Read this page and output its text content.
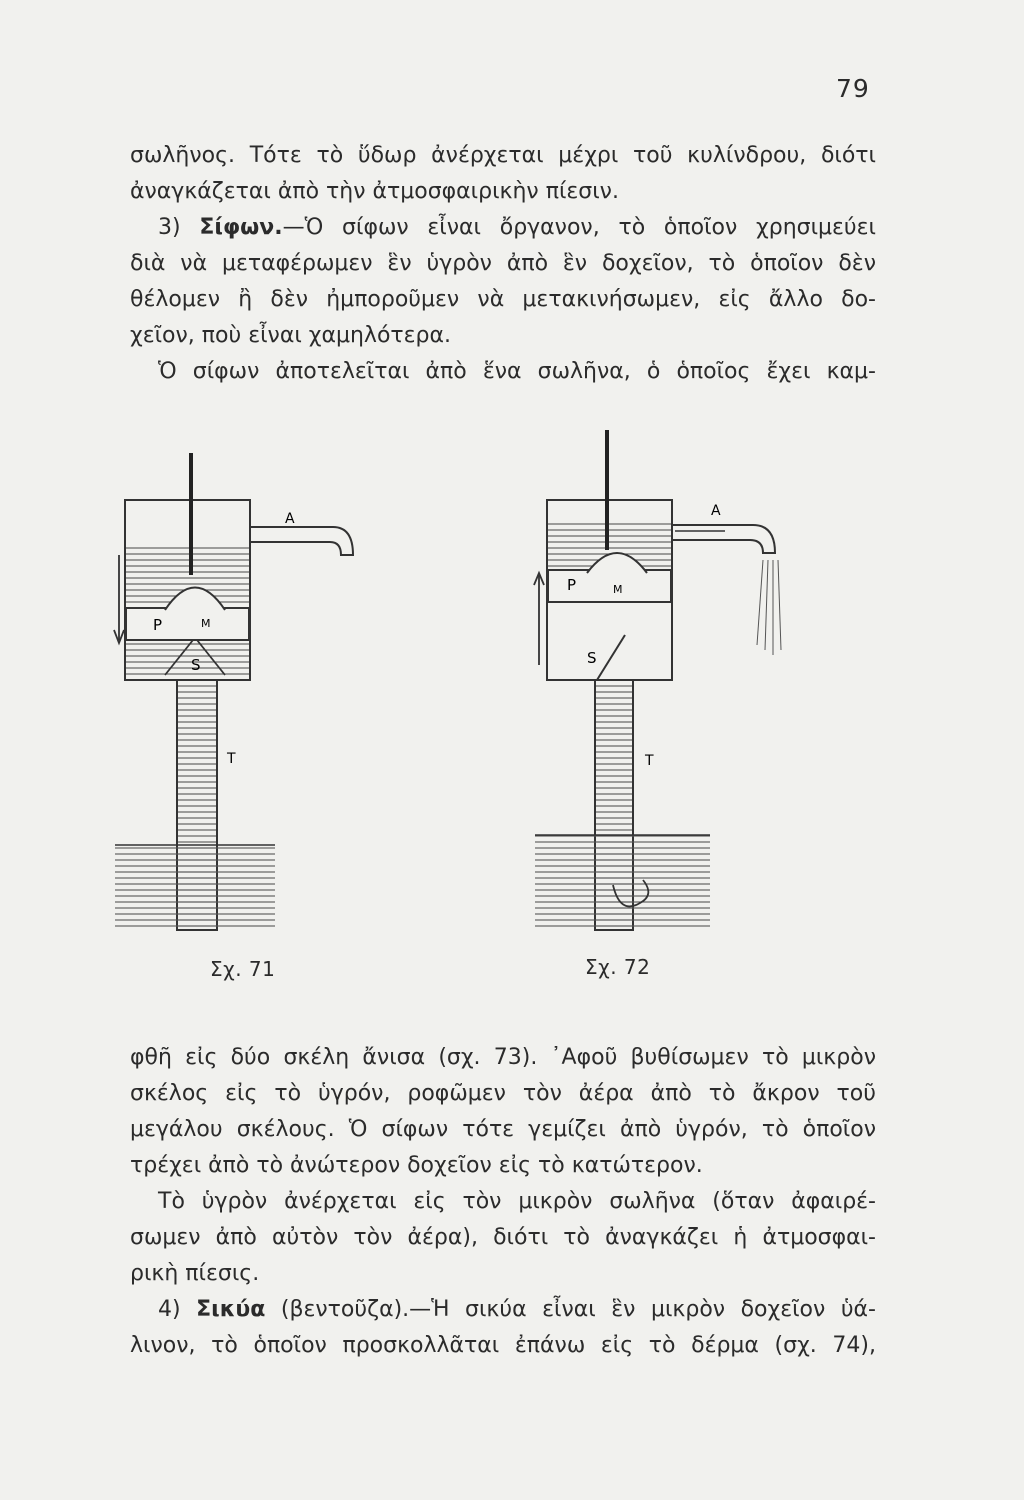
79
σωλῆνος. Τότε τὸ ὕδωρ ἀνέρχεται μέχρι τοῦ κυλίνδρου, διότι
ἀναγκάζεται ἀπὸ τὴν ἀτμοσφαιρικὴν πίεσιν.
3) Σίφων.—Ὁ σίφων εἶναι ὄργανον, τὸ ὁποῖον χρησιμεύει
διὰ νὰ μεταφέρωμεν ἓν ὑγρὸν ἀπὸ ἓν δοχεῖον, τὸ ὁποῖον δὲν
θέλομεν ἢ δὲν ἠμποροῦμεν νὰ μετακινήσωμεν, εἰς ἄλλο δο-
χεῖον, ποὺ εἶναι χαμηλότερα.
Ὁ σίφων ἀποτελεῖται ἀπὸ ἕνα σωλῆνα, ὁ ὁποῖος ἔχει καμ-
A
P	M
S
T
Σχ. 71
A
P	M
S
T
Σχ. 72
φθῆ εἰς δύο σκέλη ἄνισα (σχ. 73). ᾿Αφοῦ βυθίσωμεν τὸ μικρὸν
σκέλος εἰς τὸ ὑγρόν, ροφῶμεν τὸν ἀέρα ἀπὸ τὸ ἄκρον τοῦ
μεγάλου σκέλους. Ὁ σίφων τότε γεμίζει ἀπὸ ὑγρόν, τὸ ὁποῖον
τρέχει ἀπὸ τὸ ἀνώτερον δοχεῖον εἰς τὸ κατώτερον.
Τὸ ὑγρὸν ἀνέρχεται εἰς τὸν μικρὸν σωλῆνα (ὅταν ἀφαιρέ-
σωμεν ἀπὸ αὐτὸν τὸν ἀέρα), διότι τὸ ἀναγκάζει ἡ ἀτμοσφαι-
ρικὴ πίεσις.
4) Σικύα (βεντοῦζα).—Ἡ σικύα εἶναι ἓν μικρὸν δοχεῖον ὑά-
λινον, τὸ ὁποῖον προσκολλᾶται ἐπάνω εἰς τὸ δέρμα (σχ. 74),
